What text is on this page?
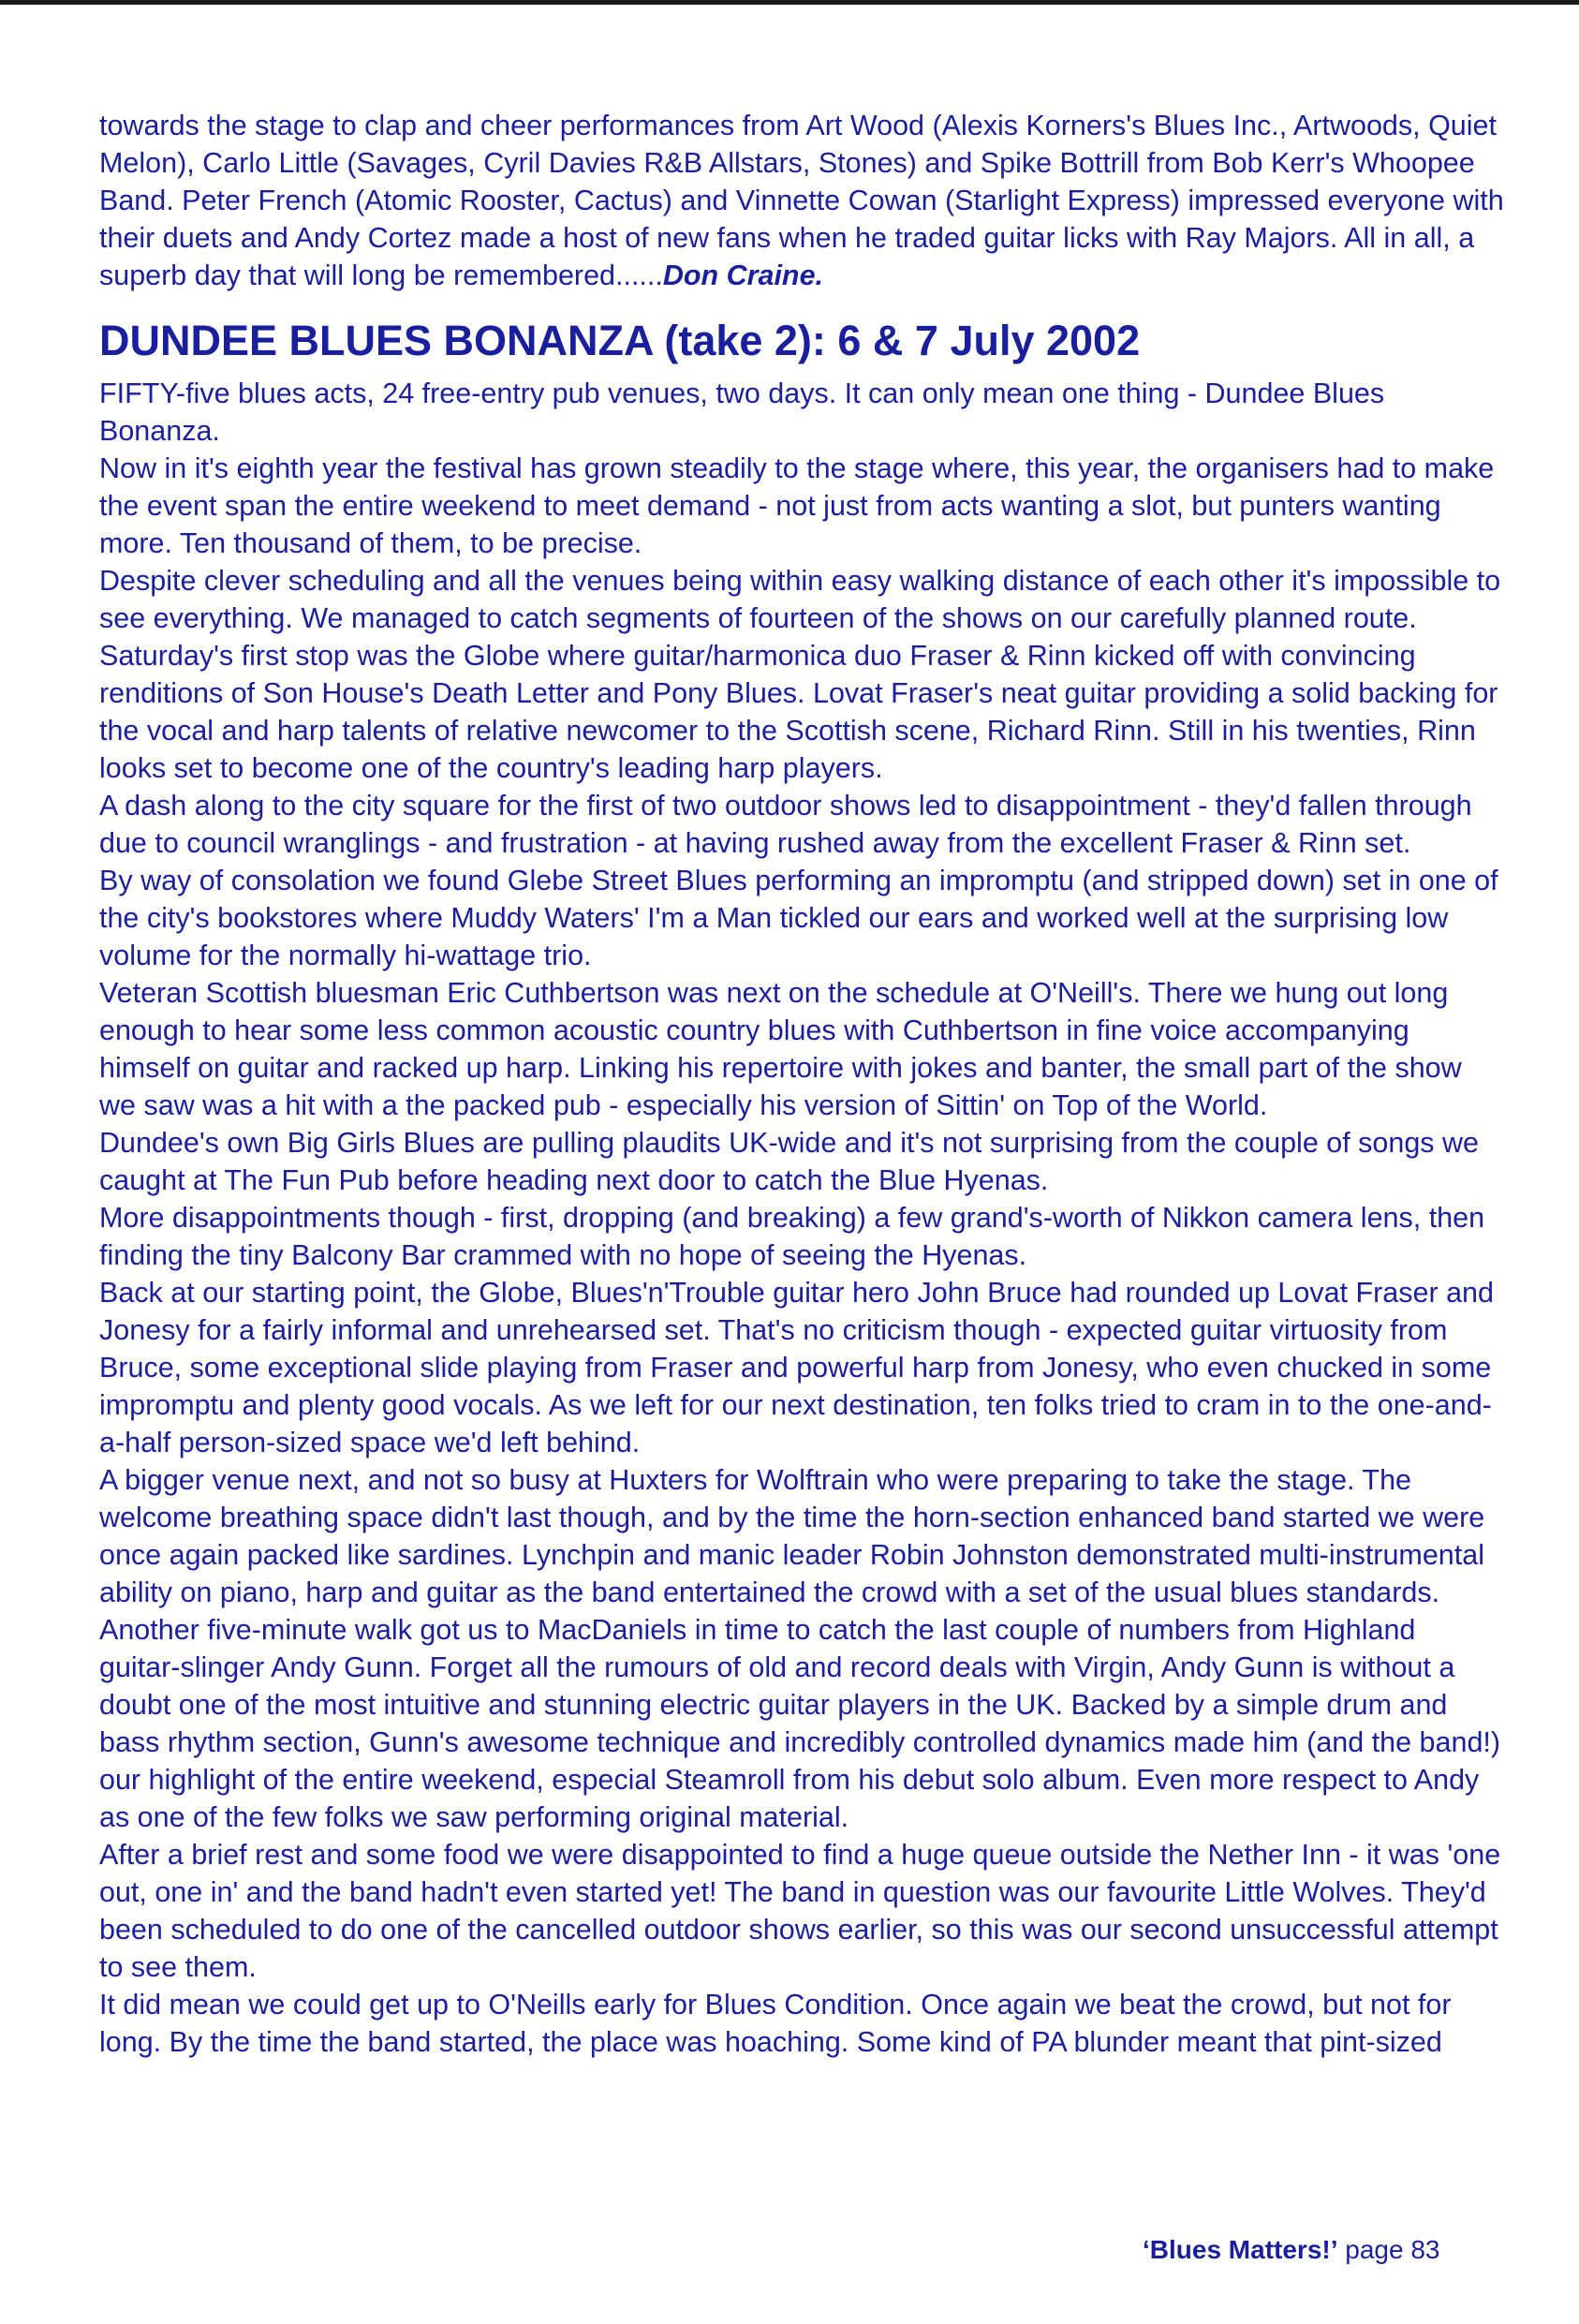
towards the stage to clap and cheer performances from Art Wood (Alexis Korners's Blues Inc., Artwoods, Quiet Melon), Carlo Little (Savages, Cyril Davies R&B Allstars, Stones) and Spike Bottrill from Bob Kerr's Whoopee Band. Peter French (Atomic Rooster, Cactus) and Vinnette Cowan (Starlight Express) impressed everyone with their duets and Andy Cortez made a host of new fans when he traded guitar licks with Ray Majors. All in all, a superb day that will long be remembered......Don Craine.

DUNDEE BLUES BONANZA (take 2): 6 & 7 July 2002

FIFTY-five blues acts, 24 free-entry pub venues, two days. It can only mean one thing - Dundee Blues Bonanza.

Now in it's eighth year the festival has grown steadily to the stage where, this year, the organisers had to make the event span the entire weekend to meet demand - not just from acts wanting a slot, but punters wanting more. Ten thousand of them, to be precise.

Despite clever scheduling and all the venues being within easy walking distance of each other it's impossible to see everything. We managed to catch segments of fourteen of the shows on our carefully planned route.

Saturday's first stop was the Globe where guitar/harmonica duo Fraser & Rinn kicked off with convincing renditions of Son House's Death Letter and Pony Blues. Lovat Fraser's neat guitar providing a solid backing for the vocal and harp talents of relative newcomer to the Scottish scene, Richard Rinn. Still in his twenties, Rinn looks set to become one of the country's leading harp players.

A dash along to the city square for the first of two outdoor shows led to disappointment - they'd fallen through due to council wranglings - and frustration - at having rushed away from the excellent Fraser & Rinn set.

By way of consolation we found Glebe Street Blues performing an impromptu (and stripped down) set in one of the city's bookstores where Muddy Waters' I'm a Man tickled our ears and worked well at the surprising low volume for the normally hi-wattage trio.

Veteran Scottish bluesman Eric Cuthbertson was next on the schedule at O'Neill's. There we hung out long enough to hear some less common acoustic country blues with Cuthbertson in fine voice accompanying himself on guitar and racked up harp. Linking his repertoire with jokes and banter, the small part of the show we saw was a hit with a the packed pub - especially his version of Sittin' on Top of the World.

Dundee's own Big Girls Blues are pulling plaudits UK-wide and it's not surprising from the couple of songs we caught at The Fun Pub before heading next door to catch the Blue Hyenas.

More disappointments though - first, dropping (and breaking) a few grand's-worth of Nikkon camera lens, then finding the tiny Balcony Bar crammed with no hope of seeing the Hyenas.

Back at our starting point, the Globe, Blues'n'Trouble guitar hero John Bruce had rounded up Lovat Fraser and Jonesy for a fairly informal and unrehearsed set. That's no criticism though - expected guitar virtuosity from Bruce, some exceptional slide playing from Fraser and powerful harp from Jonesy, who even chucked in some impromptu and plenty good vocals. As we left for our next destination, ten folks tried to cram in to the one-and-a-half person-sized space we'd left behind.

A bigger venue next, and not so busy at Huxters for Wolftrain who were preparing to take the stage. The welcome breathing space didn't last though, and by the time the horn-section enhanced band started we were once again packed like sardines. Lynchpin and manic leader Robin Johnston demonstrated multi-instrumental ability on piano, harp and guitar as the band entertained the crowd with a set of the usual blues standards.

Another five-minute walk got us to MacDaniels in time to catch the last couple of numbers from Highland guitar-slinger Andy Gunn. Forget all the rumours of old and record deals with Virgin, Andy Gunn is without a doubt one of the most intuitive and stunning electric guitar players in the UK. Backed by a simple drum and bass rhythm section, Gunn's awesome technique and incredibly controlled dynamics made him (and the band!) our highlight of the entire weekend, especial Steamroll from his debut solo album. Even more respect to Andy as one of the few folks we saw performing original material.

After a brief rest and some food we were disappointed to find a huge queue outside the Nether Inn - it was 'one out, one in' and the band hadn't even started yet! The band in question was our favourite Little Wolves. They'd been scheduled to do one of the cancelled outdoor shows earlier, so this was our second unsuccessful attempt to see them.

It did mean we could get up to O'Neills early for Blues Condition. Once again we beat the crowd, but not for long. By the time the band started, the place was hoaching. Some kind of PA blunder meant that pint-sized

‘Blues Matters!’ page 83
